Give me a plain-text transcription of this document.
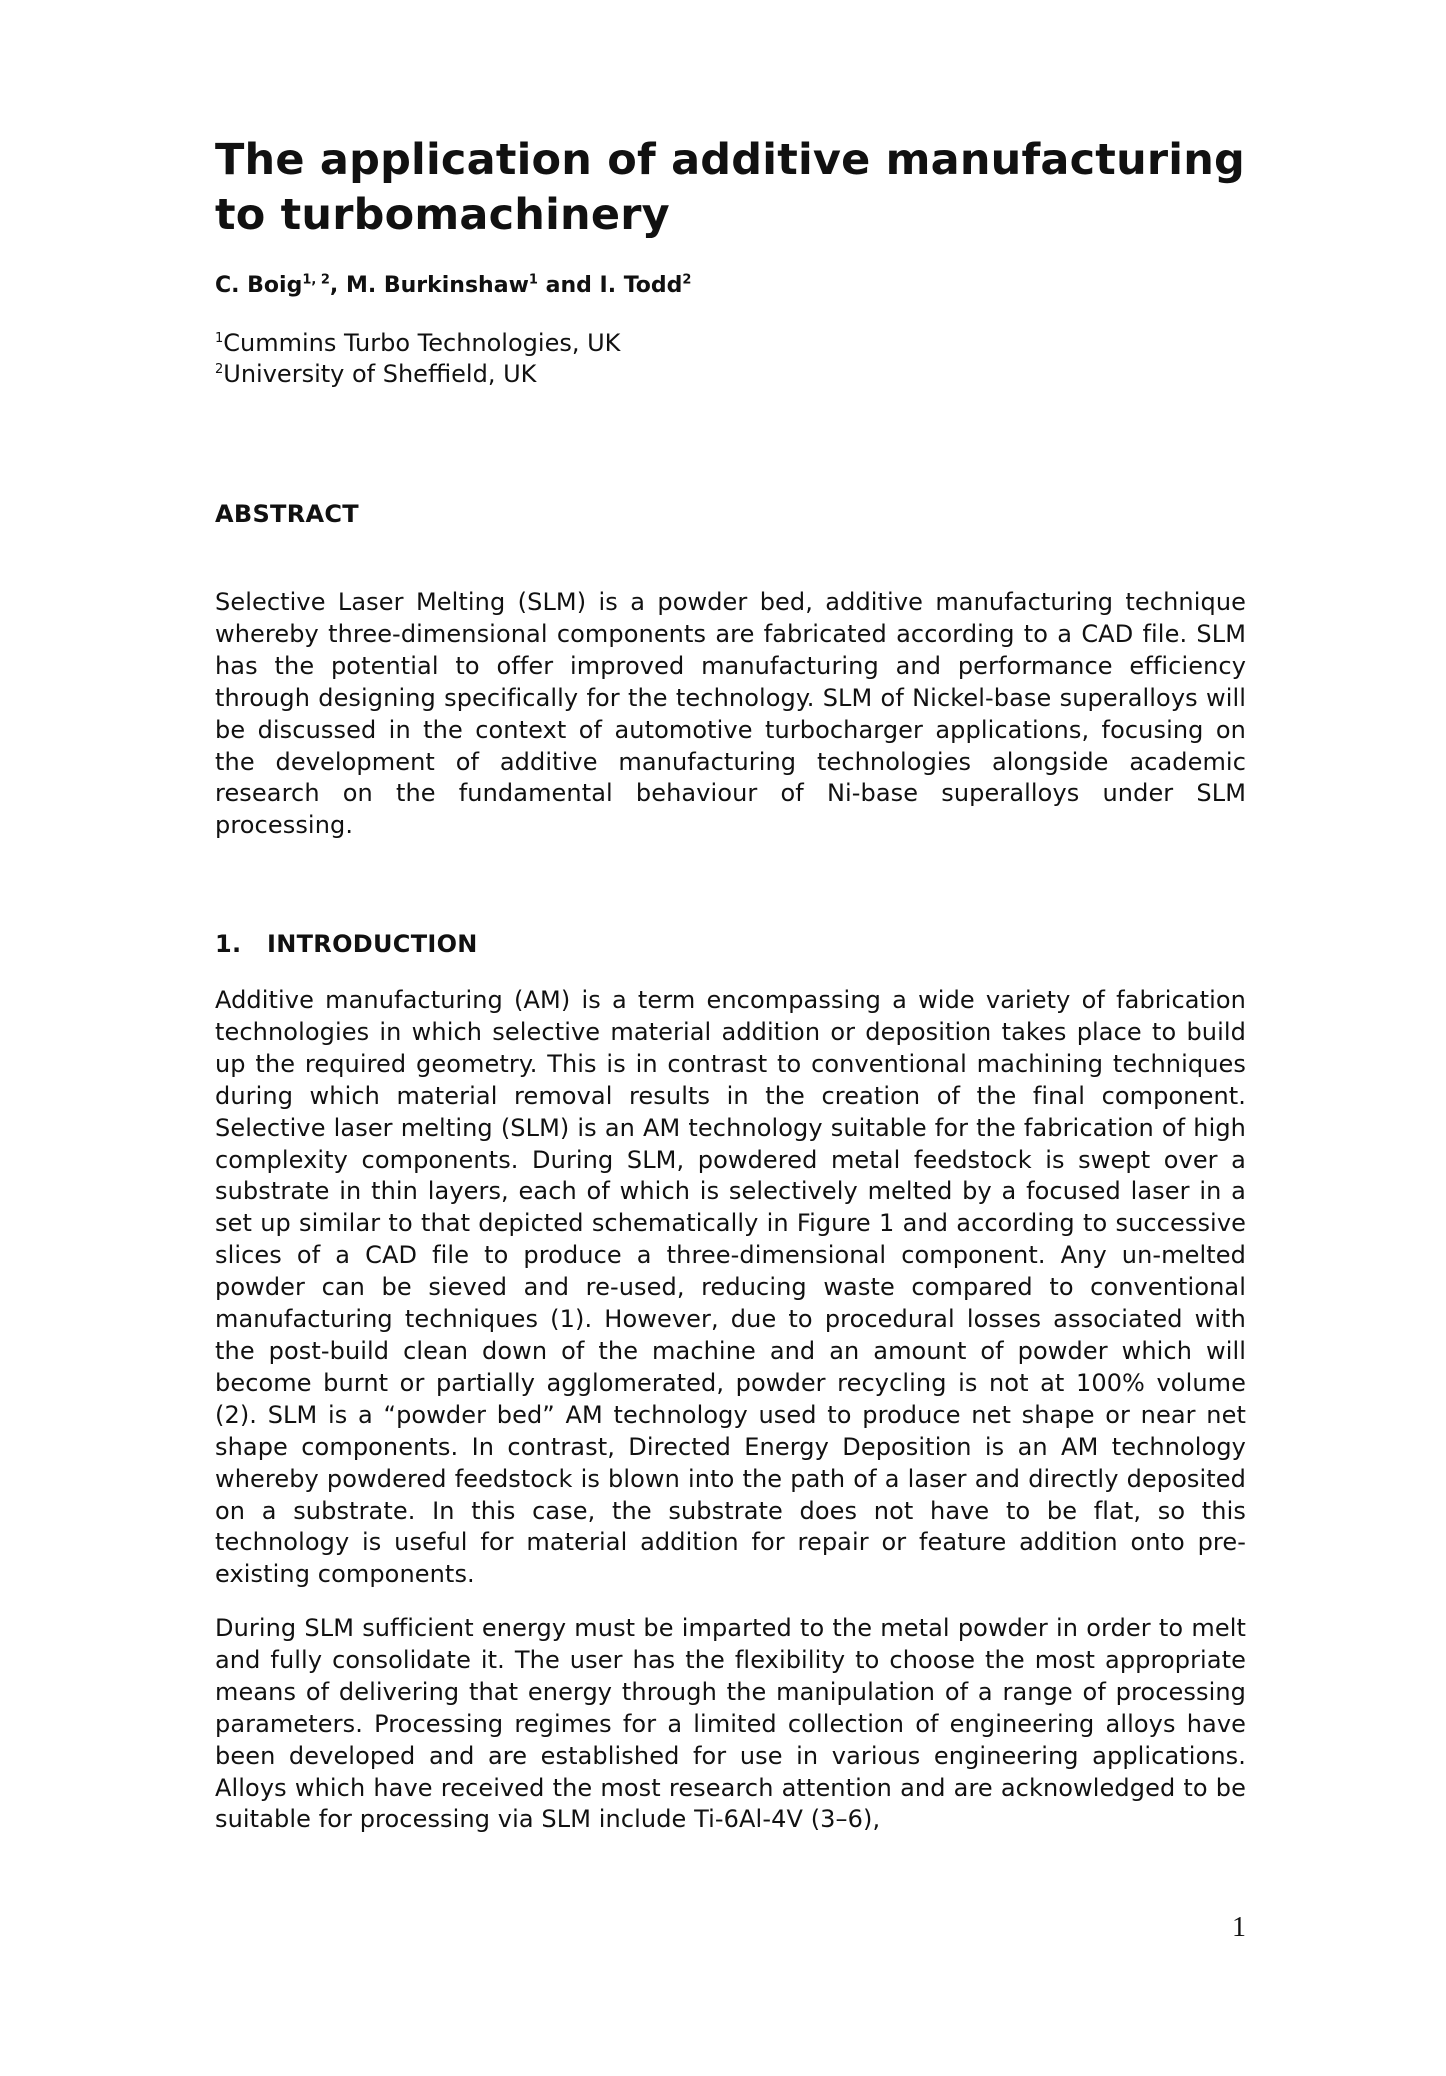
The application of additive manufacturing to turbomachinery

C. Boig$^{1, 2}$, M. Burkinshaw$^1$ and I. Todd$^2$

$^1$Cummins Turbo Technologies, UK
$^2$University of Sheffield, UK
ABSTRACT

Selective Laser Melting (SLM) is a powder bed, additive manufacturing technique whereby three-dimensional components are fabricated according to a CAD file. SLM has the potential to offer improved manufacturing and performance efficiency through designing specifically for the technology. SLM of Nickel-base superalloys will be discussed in the context of automotive turbocharger applications, focusing on the development of additive manufacturing technologies alongside academic research on the fundamental behaviour of Ni-base superalloys under SLM processing.

1. INTRODUCTION

Additive manufacturing (AM) is a term encompassing a wide variety of fabrication technologies in which selective material addition or deposition takes place to build up the required geometry. This is in contrast to conventional machining techniques during which material removal results in the creation of the final component. Selective laser melting (SLM) is an AM technology suitable for the fabrication of high complexity components. During SLM, powdered metal feedstock is swept over a substrate in thin layers, each of which is selectively melted by a focused laser in a set up similar to that depicted schematically in Figure 1 and according to successive slices of a CAD file to produce a three-dimensional component. Any un-melted powder can be sieved and re-used, reducing waste compared to conventional manufacturing techniques (1). However, due to procedural losses associated with the post-build clean down of the machine and an amount of powder which will become burnt or partially agglomerated, powder recycling is not at 100% volume (2). SLM is a “powder bed” AM technology used to produce net shape or near net shape components. In contrast, Directed Energy Deposition is an AM technology whereby powdered feedstock is blown into the path of a laser and directly deposited on a substrate. In this case, the substrate does not have to be flat, so this technology is useful for material addition for repair or feature addition onto pre-existing components.

During SLM sufficient energy must be imparted to the metal powder in order to melt and fully consolidate it. The user has the flexibility to choose the most appropriate means of delivering that energy through the manipulation of a range of processing parameters. Processing regimes for a limited collection of engineering alloys have been developed and are established for use in various engineering applications. Alloys which have received the most research attention and are acknowledged to be suitable for processing via SLM include Ti-6Al-4V (3–6),

1
